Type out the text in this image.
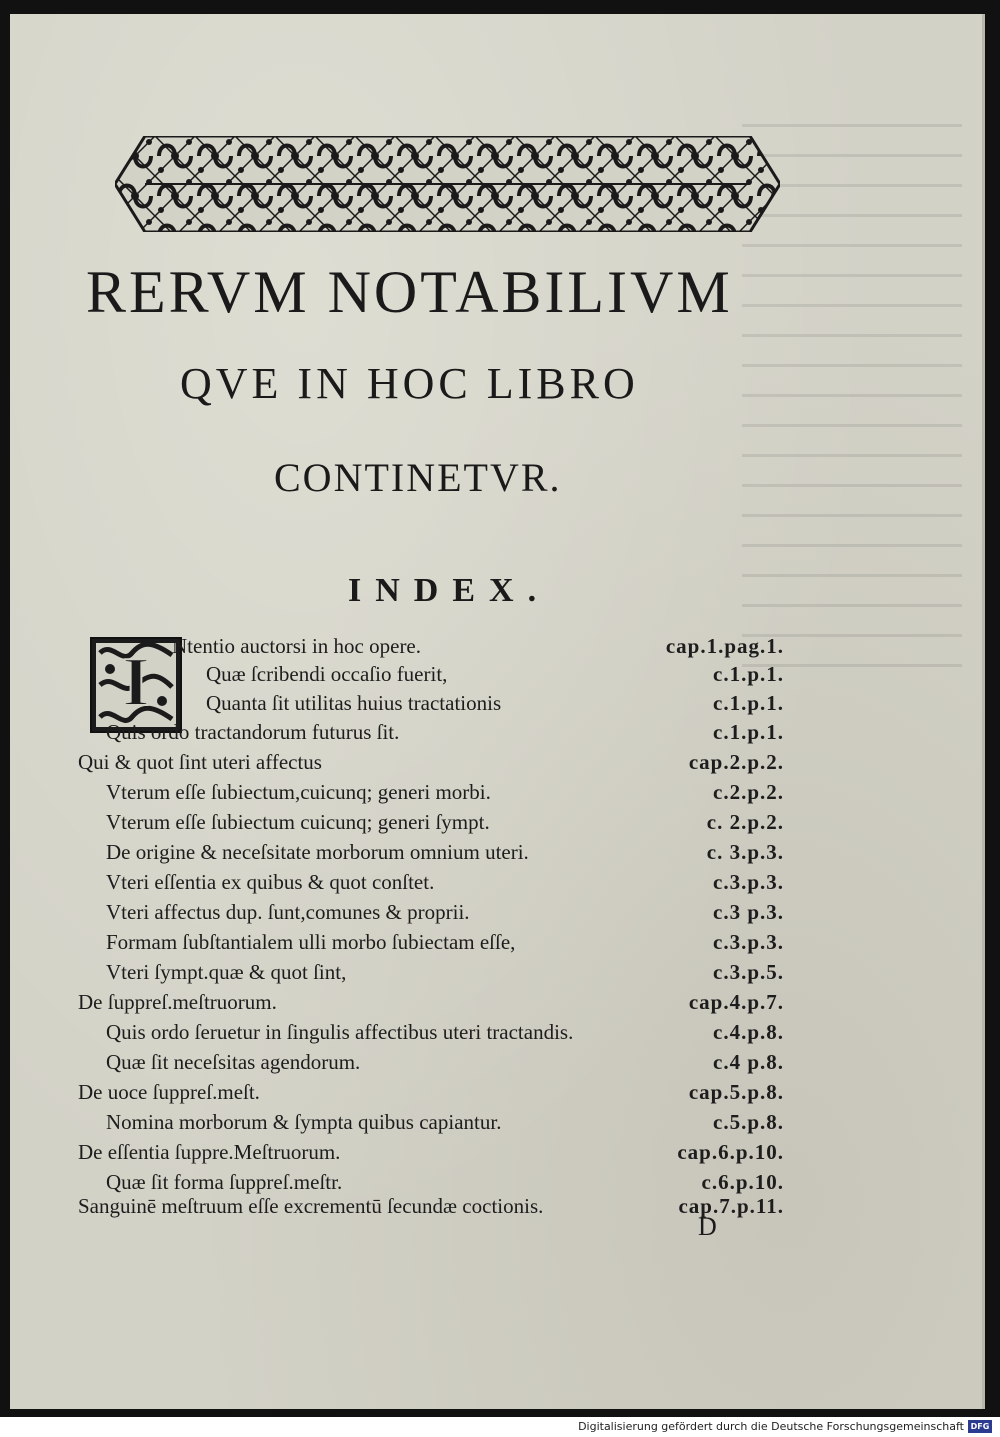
RERVM NOTABILIVM
QVE IN HOC LIBRO
CONTINETVR.
INDEX.
I	Ntentio auctorsi in hoc opere.	cap.1.pag.1.
Quæ ſcribendi occaſio fuerit,	c.1.p.1.
Quanta ſit utilitas huius tractationis	c.1.p.1.
Quis ordo tractandorum futurus ſit.	c.1.p.1.
Qui & quot ſint uteri affectus	cap.2.p.2.
Vterum eſſe ſubiectum,cuicunq; generi morbi.	c.2.p.2.
Vterum eſſe ſubiectum cuicunq; generi ſympt.	c. 2.p.2.
De origine & neceſsitate morborum omnium uteri.	c. 3.p.3.
Vteri eſſentia ex quibus & quot conſtet.	c.3.p.3.
Vteri affectus dup. ſunt,comunes & proprii.	c.3 p.3.
Formam ſubſtantialem ulli morbo ſubiectam eſſe,	c.3.p.3.
Vteri ſympt.quæ & quot ſint,	c.3.p.5.
De ſuppreſ.meſtruorum.	cap.4.p.7.
Quis ordo ſeruetur in ſingulis affectibus uteri tractandis.	c.4.p.8.
Quæ ſit neceſsitas agendorum.	c.4 p.8.
De uoce ſuppreſ.meſt.	cap.5.p.8.
Nomina morborum & ſympta quibus capiantur.	c.5.p.8.
De eſſentia ſuppre.Meſtruorum.	cap.6.p.10.
Quæ ſit forma ſuppreſ.meſtr.	c.6.p.10.
Sanguinē meſtruum eſſe excrementū ſecundæ coctionis.	cap.7.p.11.
D
Digitalisierung gefördert durch die Deutsche Forschungsgemeinschaft DFG
